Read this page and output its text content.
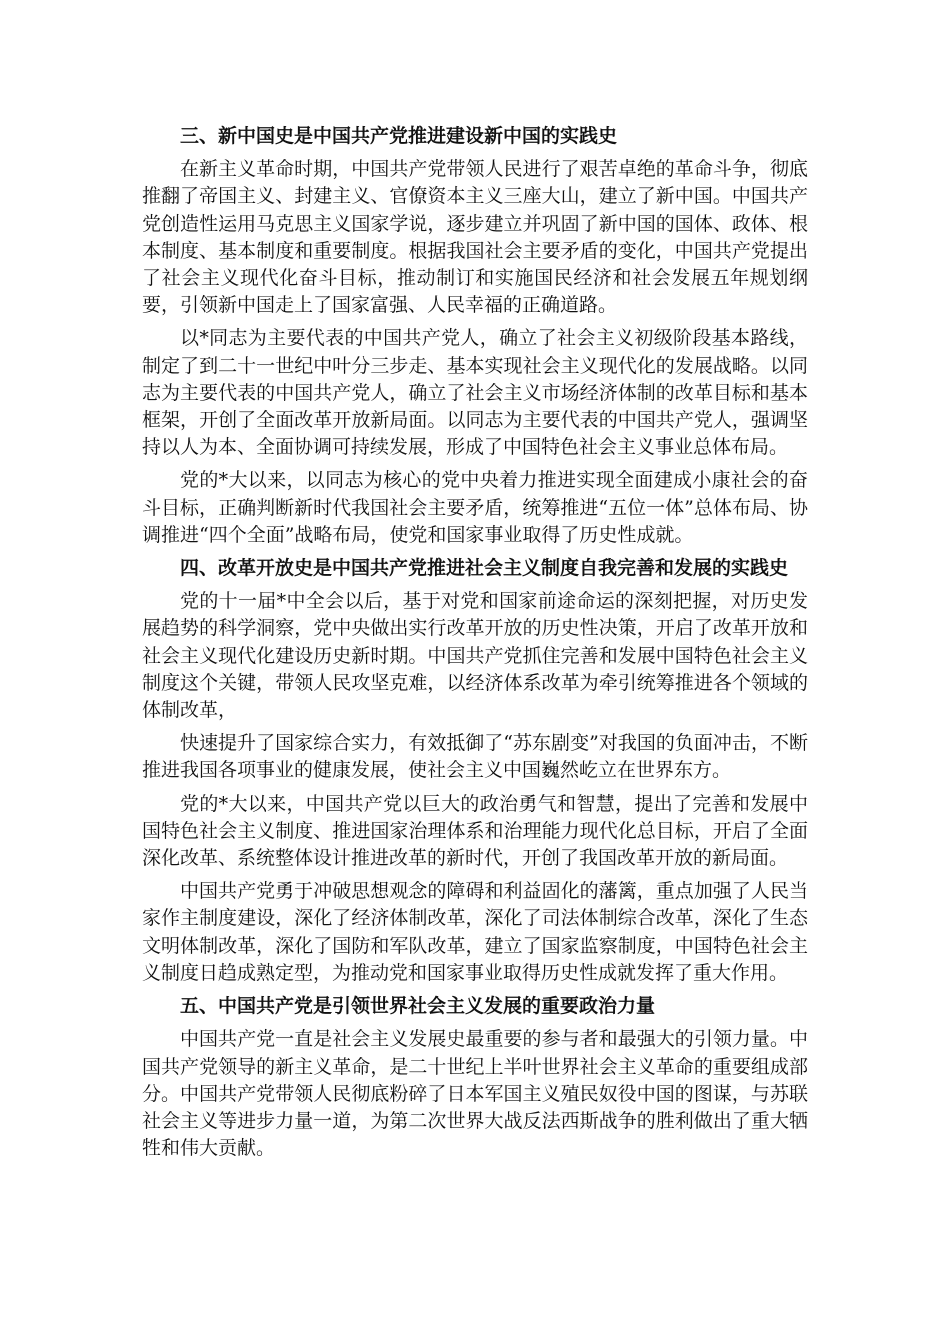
三、新中国史是中国共产党推进建设新中国的实践史

在新主义革命时期，中国共产党带领人民进行了艰苦卓绝的革命斗争，彻底推翻了帝国主义、封建主义、官僚资本主义三座大山，建立了新中国。中国共产党创造性运用马克思主义国家学说，逐步建立并巩固了新中国的国体、政体、根本制度、基本制度和重要制度。根据我国社会主要矛盾的变化，中国共产党提出了社会主义现代化奋斗目标，推动制订和实施国民经济和社会发展五年规划纲要，引领新中国走上了国家富强、人民幸福的正确道路。

以*同志为主要代表的中国共产党人，确立了社会主义初级阶段基本路线，制定了到二十一世纪中叶分三步走、基本实现社会主义现代化的发展战略。以同志为主要代表的中国共产党人，确立了社会主义市场经济体制的改革目标和基本框架，开创了全面改革开放新局面。以同志为主要代表的中国共产党人，强调坚持以人为本、全面协调可持续发展，形成了中国特色社会主义事业总体布局。

党的*大以来，以同志为核心的党中央着力推进实现全面建成小康社会的奋斗目标，正确判断新时代我国社会主要矛盾，统筹推进“五位一体”总体布局、协调推进“四个全面”战略布局，使党和国家事业取得了历史性成就。

四、改革开放史是中国共产党推进社会主义制度自我完善和发展的实践史

党的十一届*中全会以后，基于对党和国家前途命运的深刻把握，对历史发展趋势的科学洞察，党中央做出实行改革开放的历史性决策，开启了改革开放和社会主义现代化建设历史新时期。中国共产党抓住完善和发展中国特色社会主义制度这个关键，带领人民攻坚克难，以经济体系改革为牵引统筹推进各个领域的体制改革，

快速提升了国家综合实力，有效抵御了“苏东剧变”对我国的负面冲击，不断推进我国各项事业的健康发展，使社会主义中国巍然屹立在世界东方。

党的*大以来，中国共产党以巨大的政治勇气和智慧，提出了完善和发展中国特色社会主义制度、推进国家治理体系和治理能力现代化总目标，开启了全面深化改革、系统整体设计推进改革的新时代，开创了我国改革开放的新局面。

中国共产党勇于冲破思想观念的障碍和利益固化的藩篱，重点加强了人民当家作主制度建设，深化了经济体制改革，深化了司法体制综合改革，深化了生态文明体制改革，深化了国防和军队改革，建立了国家监察制度，中国特色社会主义制度日趋成熟定型，为推动党和国家事业取得历史性成就发挥了重大作用。

五、中国共产党是引领世界社会主义发展的重要政治力量

中国共产党一直是社会主义发展史最重要的参与者和最强大的引领力量。中国共产党领导的新主义革命，是二十世纪上半叶世界社会主义革命的重要组成部分。中国共产党带领人民彻底粉碎了日本军国主义殖民奴役中国的图谋，与苏联社会主义等进步力量一道，为第二次世界大战反法西斯战争的胜利做出了重大牺牲和伟大贡献。
